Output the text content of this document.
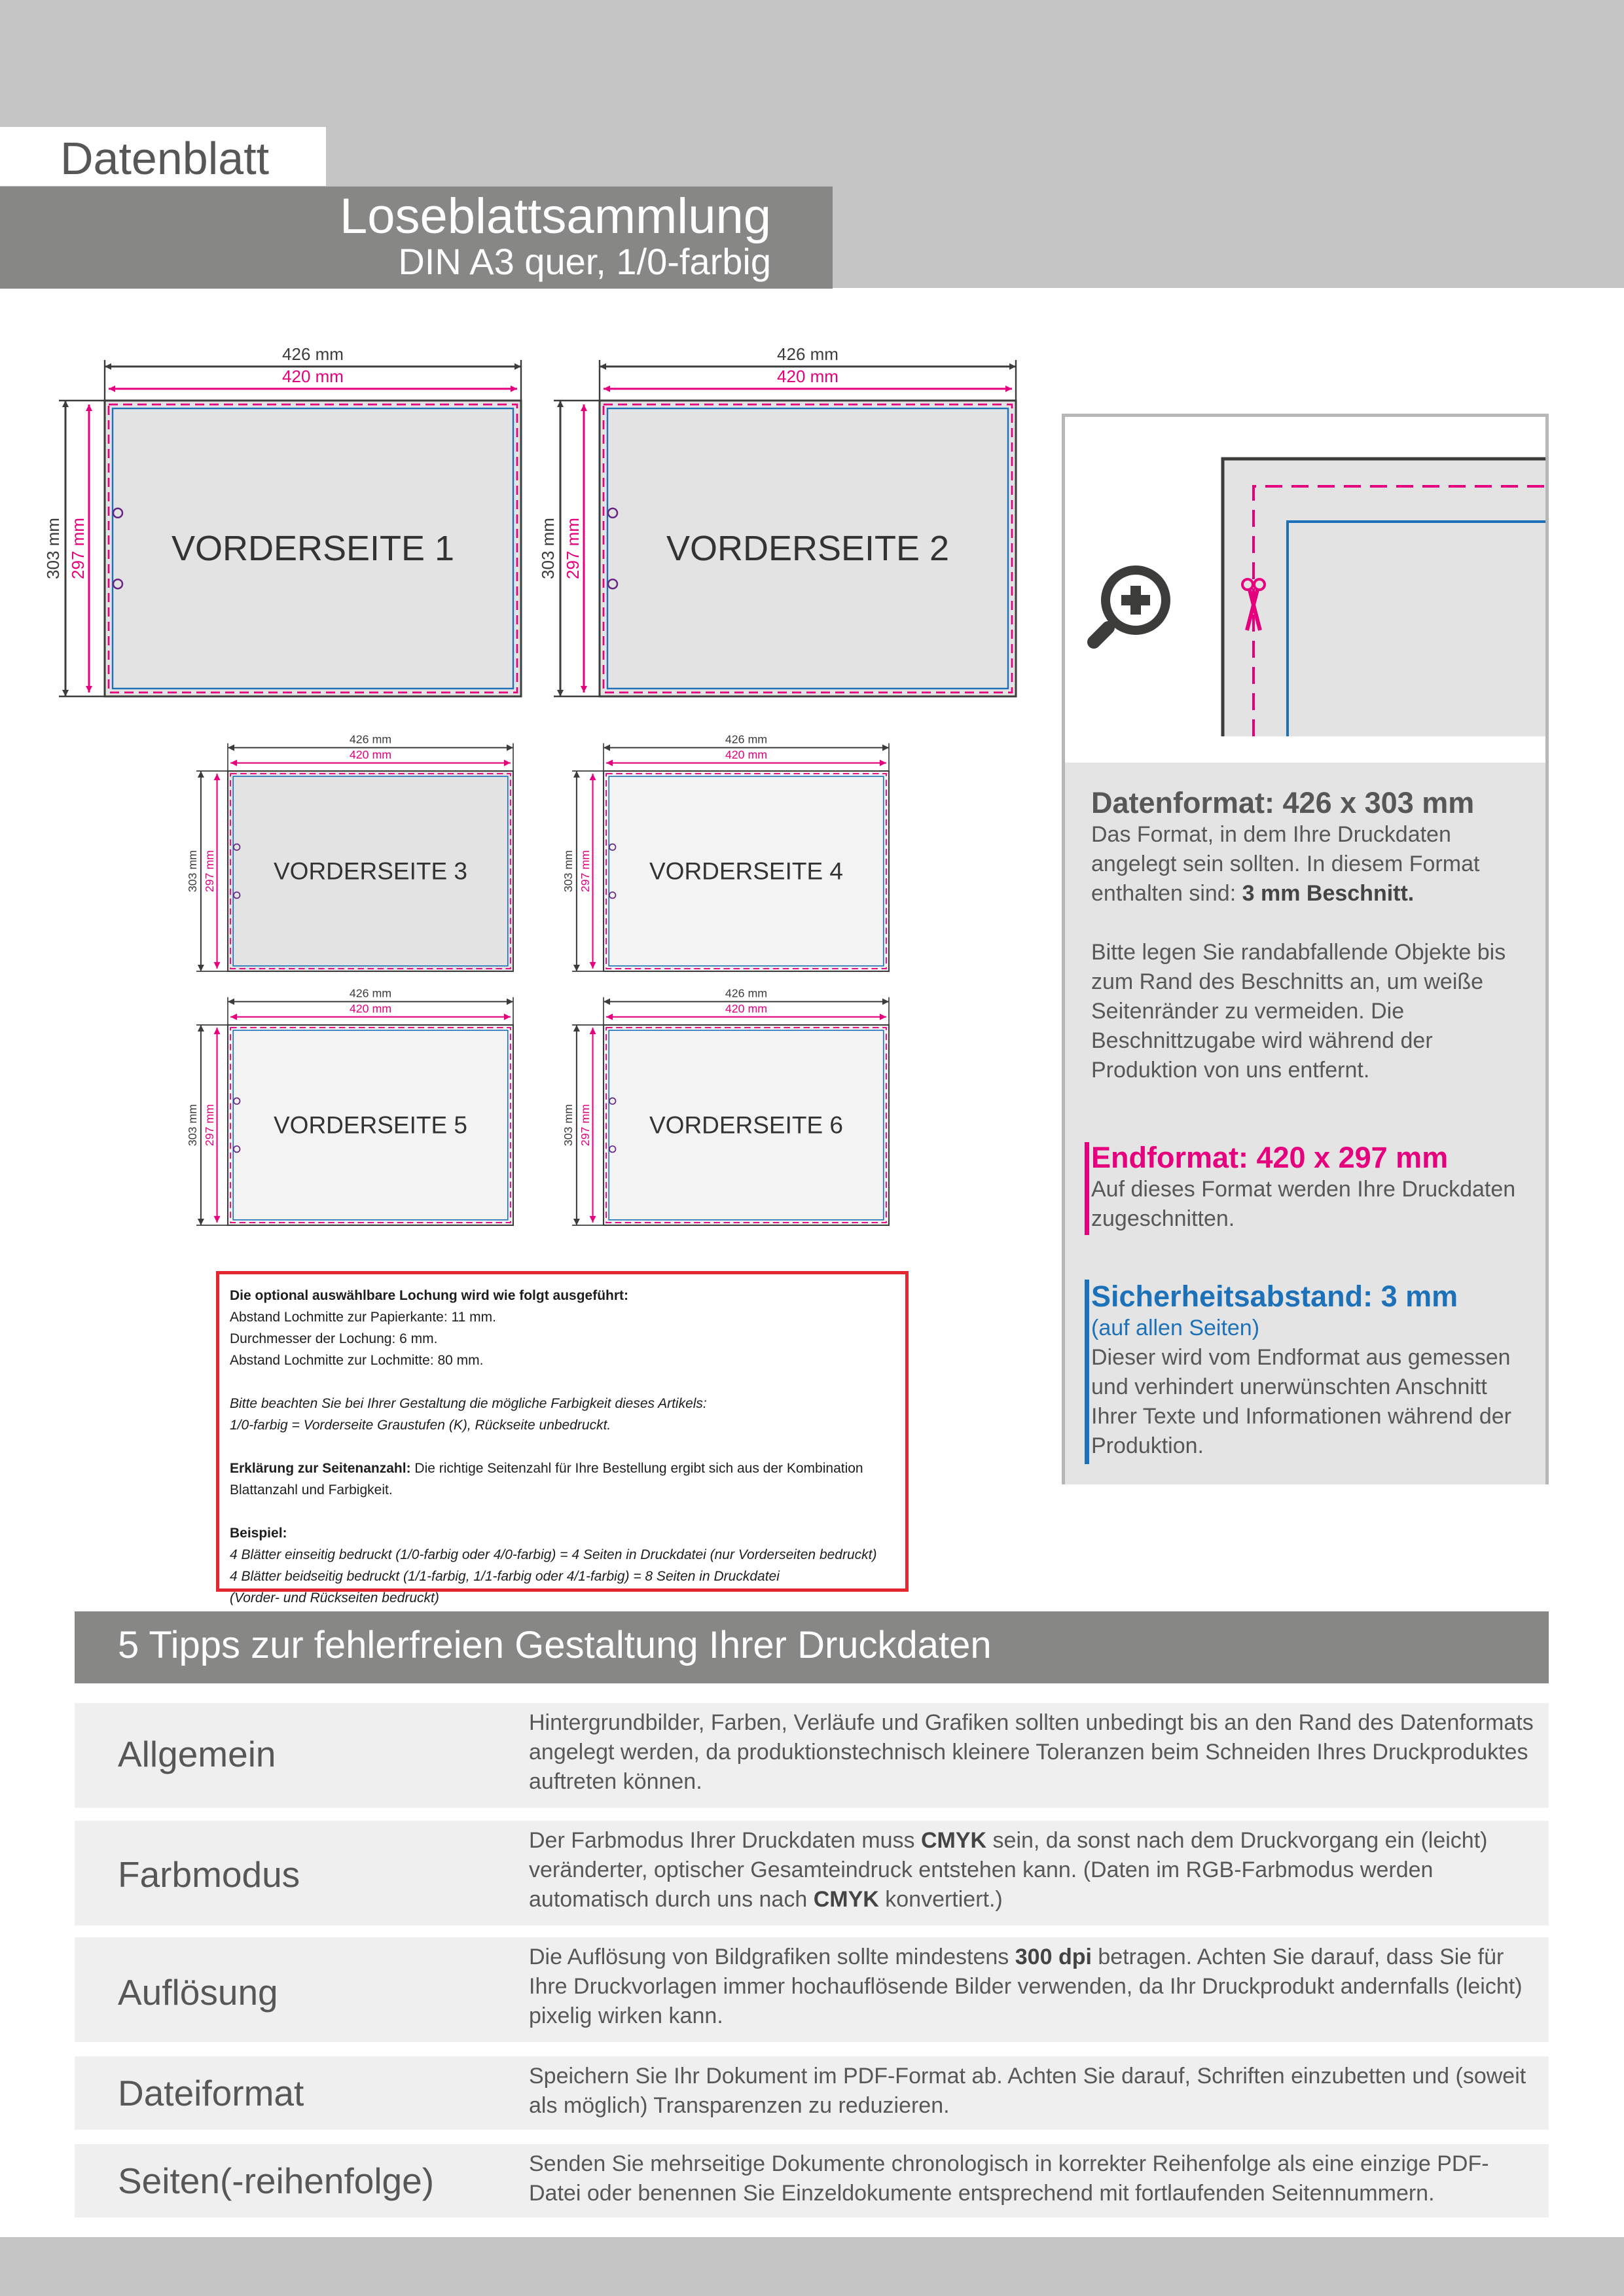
Datenblatt
Loseblattsammlung
DIN A3 quer, 1/0-farbig
426 mm
420 mm
303 mm 297 mm VORDERSEITE 1
426 mm
420 mm
303 mm 297 mm VORDERSEITE 2
426 mm
420 mm
303 mm 297 mm VORDERSEITE 3
426 mm
420 mm
303 mm 297 mm VORDERSEITE 4
426 mm
420 mm
303 mm 297 mm VORDERSEITE 5
426 mm
420 mm
303 mm 297 mm VORDERSEITE 6
Datenformat: 426 x 303 mm
Das Format, in dem Ihre Druckdaten angelegt sein sollten. In diesem Format enthalten sind: 3 mm Beschnitt.
Bitte legen Sie randabfallende Objekte bis zum Rand des Beschnitts an, um weiße Seitenränder zu vermeiden. Die Beschnittzugabe wird während der Produktion von uns entfernt.
Endformat: 420 x 297 mm
Auf dieses Format werden Ihre Druckdaten zugeschnitten.
Sicherheitsabstand: 3 mm
(auf allen Seiten)
Dieser wird vom Endformat aus gemessen und verhindert unerwünschten Anschnitt Ihrer Texte und Informationen während der Produktion.

Die optional auswählbare Lochung wird wie folgt ausgeführt:

Abstand Lochmitte zur Papierkante: 11 mm.

Durchmesser der Lochung: 6 mm.

Abstand Lochmitte zur Lochmitte: 80 mm.

Bitte beachten Sie bei Ihrer Gestaltung die mögliche Farbigkeit dieses Artikels:

1/0-farbig = Vorderseite Graustufen (K), Rückseite unbedruckt.

Erklärung zur Seitenanzahl: Die richtige Seitenzahl für Ihre Bestellung ergibt sich aus der Kombination Blattanzahl und Farbigkeit.

Beispiel:

4 Blätter einseitig bedruckt (1/0-farbig oder 4/0-farbig) = 4 Seiten in Druckdatei (nur Vorderseiten bedruckt)

4 Blätter beidseitig bedruckt (1/1-farbig, 1/1-farbig oder 4/1-farbig) = 8 Seiten in Druckdatei

(Vorder- und Rückseiten bedruckt)

5 Tipps zur fehlerfreien Gestaltung Ihrer Druckdaten
Allgemein
Hintergrundbilder, Farben, Verläufe und Grafiken sollten unbedingt bis an den Rand des Datenformats angelegt werden, da produktionstechnisch kleinere Toleranzen beim Schneiden Ihres Druckproduktes auftreten können.
Farbmodus
Der Farbmodus Ihrer Druckdaten muss CMYK sein, da sonst nach dem Druckvorgang ein (leicht) veränderter, optischer Gesamteindruck entstehen kann. (Daten im RGB-Farbmodus werden automatisch durch uns nach CMYK konvertiert.)
Auflösung
Die Auflösung von Bildgrafiken sollte mindestens 300 dpi betragen. Achten Sie darauf, dass Sie für Ihre Druckvorlagen immer hochauflösende Bilder verwenden, da Ihr Druckprodukt andernfalls (leicht) pixelig wirken kann.
Dateiformat	Speichern Sie Ihr Dokument im PDF-Format ab. Achten Sie darauf, Schriften einzubetten und (soweit als möglich) Transparenzen zu reduzieren.
Seiten(-reihenfolge)	Senden Sie mehrseitige Dokumente chronologisch in korrekter Reihenfolge als eine einzige PDF-Datei oder benennen Sie Einzeldokumente entsprechend mit fortlaufenden Seitennummern.
